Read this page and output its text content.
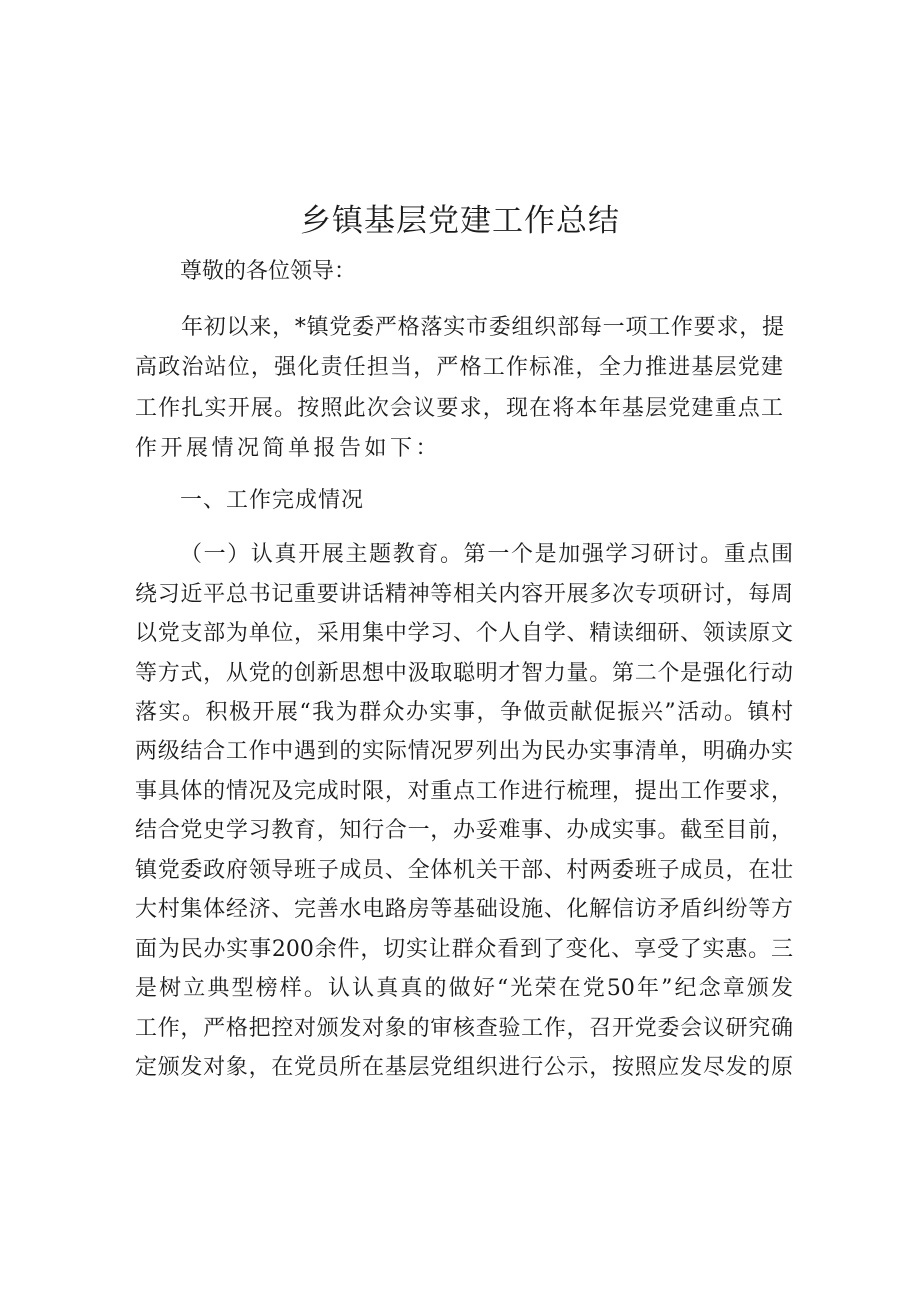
乡镇基层党建工作总结

尊敬的各位领导：

年初以来，*镇党委严格落实市委组织部每一项工作要求，提

高政治站位，强化责任担当，严格工作标准，全力推进基层党建

工作扎实开展。按照此次会议要求，现在将本年基层党建重点工

作开展情况简单报告如下：

一、工作完成情况

（一）认真开展主题教育。第一个是加强学习研讨。重点围

绕习近平总书记重要讲话精神等相关内容开展多次专项研讨，每周

以党支部为单位，采用集中学习、个人自学、精读细研、领读原文

等方式，从党的创新思想中汲取聪明才智力量。第二个是强化行动

落实。积极开展“我为群众办实事，争做贡献促振兴”活动。镇村

两级结合工作中遇到的实际情况罗列出为民办实事清单，明确办实

事具体的情况及完成时限，对重点工作进行梳理，提出工作要求，

结合党史学习教育，知行合一，办妥难事、办成实事。截至目前，

镇党委政府领导班子成员、全体机关干部、村两委班子成员，在壮

大村集体经济、完善水电路房等基础设施、化解信访矛盾纠纷等方

面为民办实事200余件，切实让群众看到了变化、享受了实惠。三

是树立典型榜样。认认真真的做好“光荣在党50年”纪念章颁发

工作，严格把控对颁发对象的审核查验工作，召开党委会议研究确

定颁发对象，在党员所在基层党组织进行公示，按照应发尽发的原
